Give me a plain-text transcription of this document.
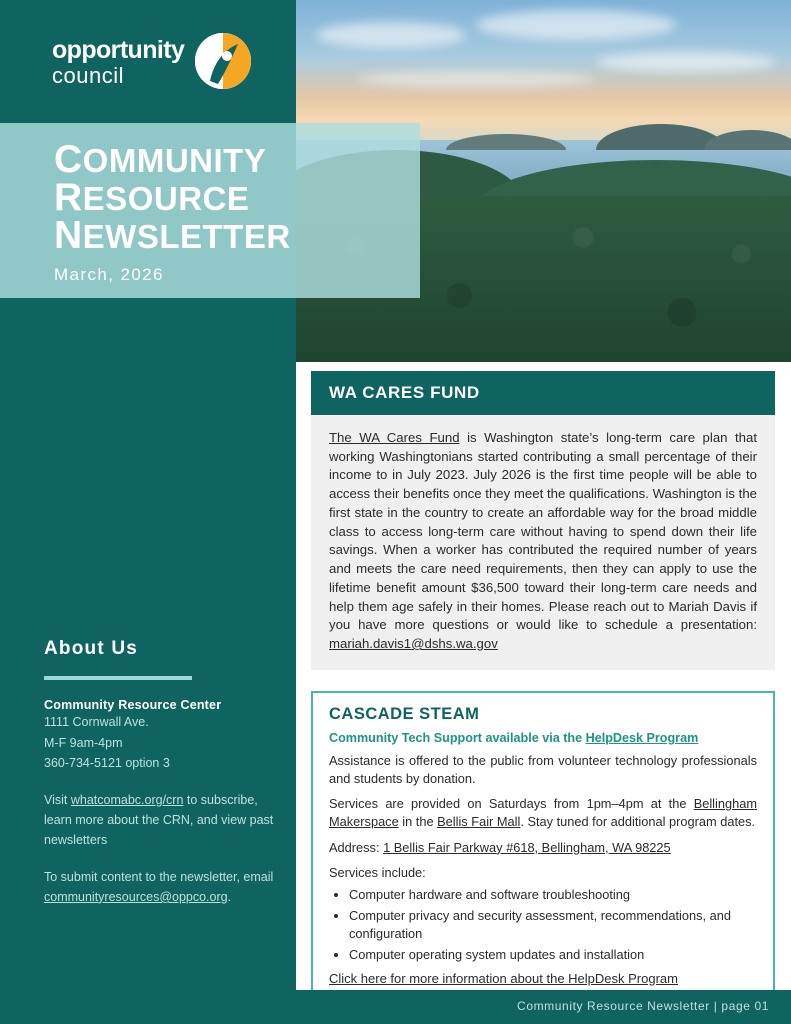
opportunity
council
COMMUNITY
RESOURCE
NEWSLETTER
March, 2026
About Us
Community Resource Center
1111 Cornwall Ave.
M-F 9am-4pm
360-734-5121 option 3
Visit whatcomabc.org/crn to subscribe, learn more about the CRN, and view past newsletters
To submit content to the newsletter, email communityresources@oppco.org.
WA CARES FUND
The WA Cares Fund is Washington state’s long-term care plan that working Washingtonians started contributing a small percentage of their income to in July 2023. July 2026 is the first time people will be able to access their benefits once they meet the qualifications. Washington is the first state in the country to create an affordable way for the broad middle class to access long-term care without having to spend down their life savings. When a worker has contributed the required number of years and meets the care need requirements, then they can apply to use the lifetime benefit amount $36,500 toward their long-term care needs and help them age safely in their homes. Please reach out to Mariah Davis if you have more questions or would like to schedule a presentation: mariah.davis1@dshs.wa.gov
CASCADE STEAM
Community Tech Support available via the HelpDesk Program
Assistance is offered to the public from volunteer technology professionals and students by donation.
Services are provided on Saturdays from 1pm–4pm at the Bellingham Makerspace in the Bellis Fair Mall. Stay tuned for additional program dates.
Address: 1 Bellis Fair Parkway #618, Bellingham, WA 98225
Services include:
• Computer hardware and software troubleshooting
• Computer privacy and security assessment, recommendations, and configuration
• Computer operating system updates and installation
Click here for more information about the HelpDesk Program
Community Resource Newsletter | page 01
